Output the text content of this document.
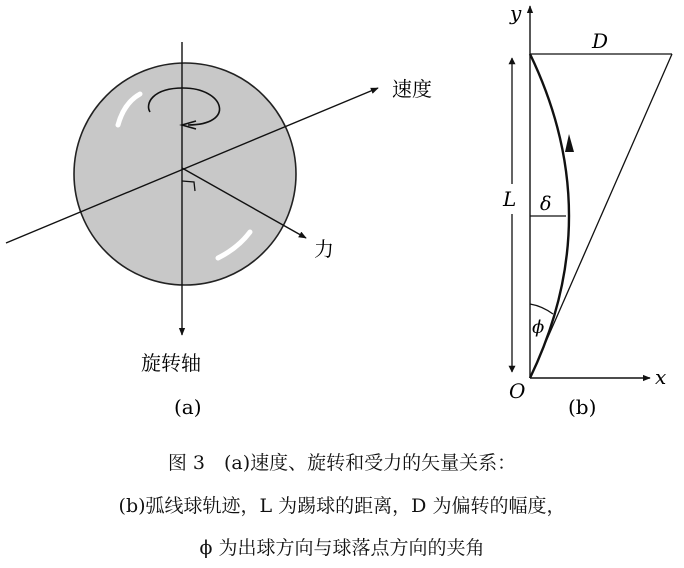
速度
力
旋转轴
(a)
y
D
L δ
ϕ
O
x
(b)
图 3　(a)速度、旋转和受力的矢量关系：
(b)弧线球轨迹，L 为踢球的距离，D 为偏转的幅度，
ϕ 为出球方向与球落点方向的夹角
